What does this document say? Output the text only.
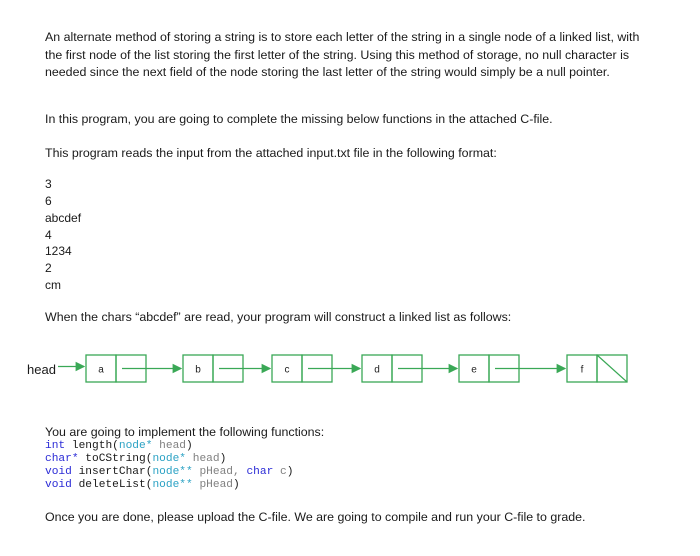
An alternate method of storing a string is to store each letter of the string in a single node of a linked list, with the first node of the list storing the first letter of the string. Using this method of storage, no null character is needed since the next field of the node storing the last letter of the string would simply be a null pointer.

In this program, you are going to complete the missing below functions in the attached C-file.

This program reads the input from the attached input.txt file in the following format:

3
6
abcdef
4
1234
2
cm

When the chars “abcdef” are read, your program will construct a linked list as follows:

head	a	b	c	d	e	f

You are going to implement the following functions:

int length(node* head)
char* toCString(node* head)
void insertChar(node** pHead, char c)
void deleteList(node** pHead)

Once you are done, please upload the C-file. We are going to compile and run your C-file to grade.
